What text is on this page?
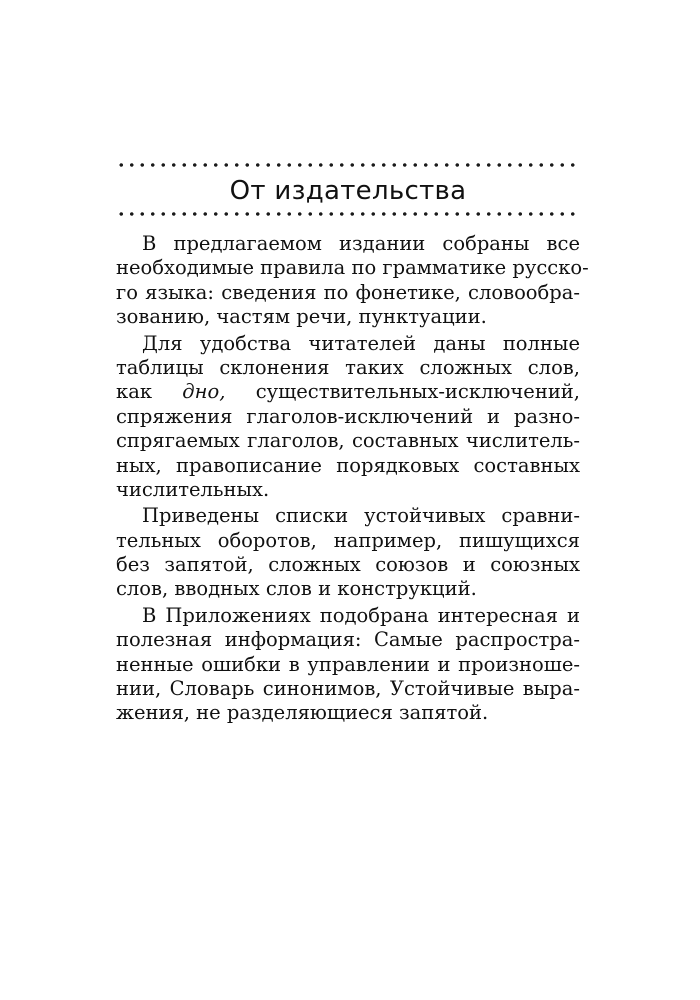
От издательства
В предлагаемом издании собраны все
необходимые правила по грамматике русско-
го языка: сведения по фонетике, словообра-
зованию, частям речи, пунктуации.
Для удобства читателей даны полные
таблицы склонения таких сложных слов,
как дно, существительных-исключений,
спряжения глаголов-исключений и разно-
спрягаемых глаголов, составных числитель-
ных, правописание порядковых составных
числительных.
Приведены списки устойчивых сравни-
тельных оборотов, например, пишущихся
без запятой, сложных союзов и союзных
слов, вводных слов и конструкций.
В Приложениях подобрана интересная и
полезная информация: Самые распростра-
ненные ошибки в управлении и произноше-
нии, Словарь синонимов, Устойчивые выра-
жения, не разделяющиеся запятой.
